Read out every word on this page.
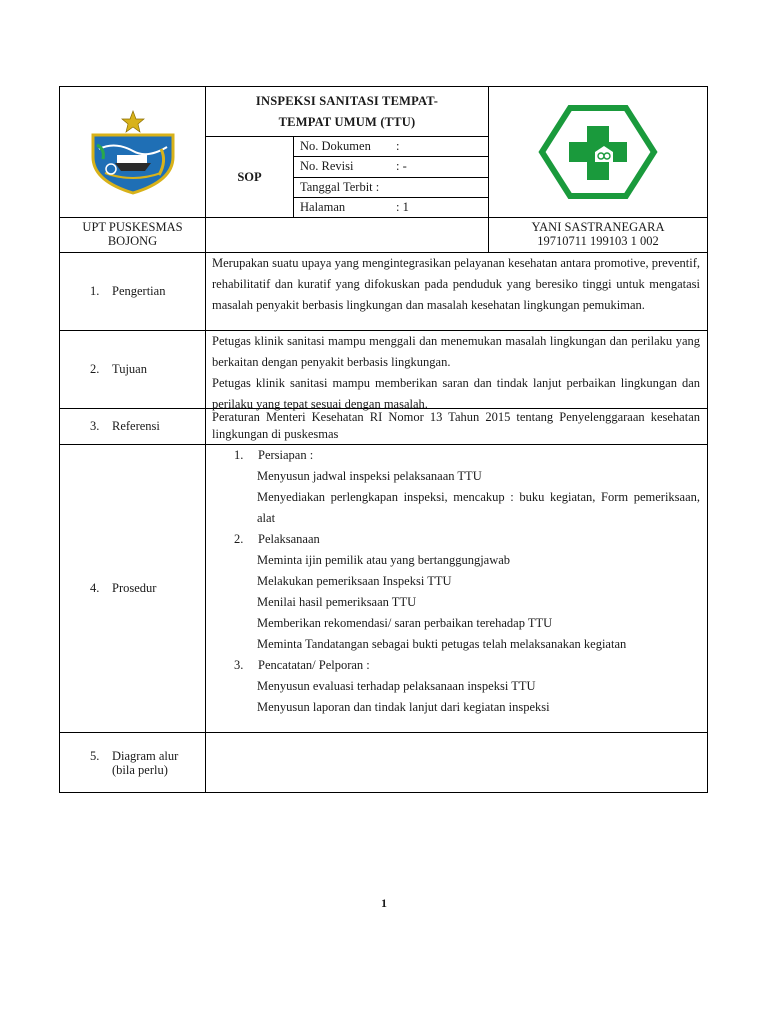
INSPEKSI SANITASI TEMPAT-
TEMPAT UMUM (TTU)
SOP
No. Dokumen	:
No. Revisi	: -
Tanggal Terbit :
Halaman	: 1
UPT PUSKESMAS
BOJONG
YANI SASTRANEGARA
19710711 199103 1 002
1.	Pengertian
Merupakan suatu upaya yang mengintegrasikan pelayanan kesehatan antara promotive, preventif, rehabilitatif dan kuratif yang difokuskan pada penduduk yang beresiko tinggi untuk mengatasi masalah penyakit berbasis lingkungan dan masalah kesehatan lingkungan pemukiman.
2.	Tujuan
Petugas klinik sanitasi mampu menggali dan menemukan masalah lingkungan dan perilaku yang berkaitan dengan penyakit berbasis lingkungan.
Petugas klinik sanitasi mampu memberikan saran dan tindak lanjut perbaikan lingkungan dan perilaku yang tepat sesuai dengan masalah.
3.	Referensi
Peraturan Menteri Kesehatan RI Nomor 13 Tahun 2015 tentang Penyelenggaraan kesehatan lingkungan di puskesmas
4.	Prosedur
1.	Persiapan :
Menyusun jadwal inspeksi pelaksanaan TTU
Menyediakan perlengkapan inspeksi, mencakup : buku kegiatan, Form pemeriksaan, alat
2.	Pelaksanaan
Meminta ijin pemilik atau yang bertanggungjawab
Melakukan pemeriksaan Inspeksi TTU
Menilai hasil pemeriksaan TTU
Memberikan rekomendasi/ saran perbaikan terehadap TTU
Meminta Tandatangan sebagai bukti petugas telah melaksanakan kegiatan
3.	Pencatatan/ Pelporan :
Menyusun evaluasi terhadap pelaksanaan inspeksi TTU
Menyusun laporan dan tindak lanjut dari kegiatan inspeksi
5.	Diagram alur
(bila perlu)
1
